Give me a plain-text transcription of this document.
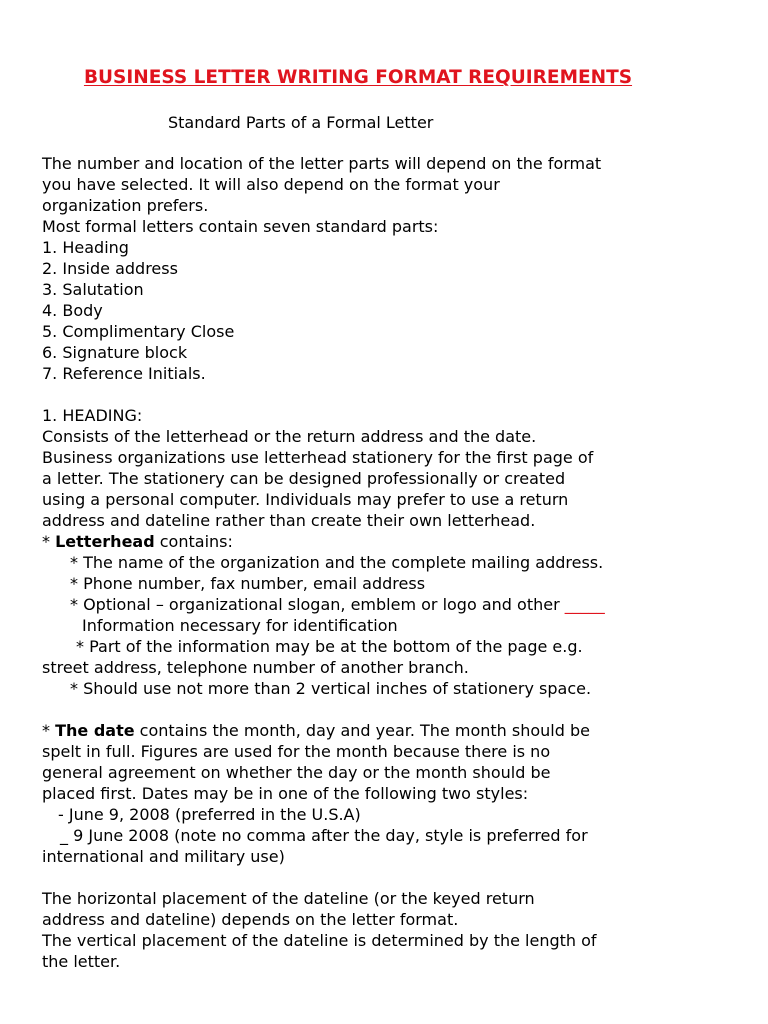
BUSINESS LETTER WRITING FORMAT REQUIREMENTS
Standard Parts of a Formal Letter
The number and location of the letter parts will depend on the format
you have selected. It will also depend on the format your
organization prefers.
Most formal letters contain seven standard parts:
1. Heading
2. Inside address
3. Salutation
4. Body
5. Complimentary Close
6. Signature block
7. Reference Initials.
1. HEADING:
Consists of the letterhead or the return address and the date.
Business organizations use letterhead stationery for the first page of
a letter. The stationery can be designed professionally or created
using a personal computer. Individuals may prefer to use a return
address and dateline rather than create their own letterhead.
* Letterhead contains:
* The name of the organization and the complete mailing address.
* Phone number, fax number, email address
* Optional – organizational slogan, emblem or logo and other _____
Information necessary for identification
* Part of the information may be at the bottom of the page e.g.
street address, telephone number of another branch.
* Should use not more than 2 vertical inches of stationery space.
* The date contains the month, day and year. The month should be
spelt in full. Figures are used for the month because there is no
general agreement on whether the day or the month should be
placed first. Dates may be in one of the following two styles:
- June 9, 2008 (preferred in the U.S.A)
_ 9 June 2008 (note no comma after the day, style is preferred for
international and military use)
The horizontal placement of the dateline (or the keyed return
address and dateline) depends on the letter format.
The vertical placement of the dateline is determined by the length of
the letter.
